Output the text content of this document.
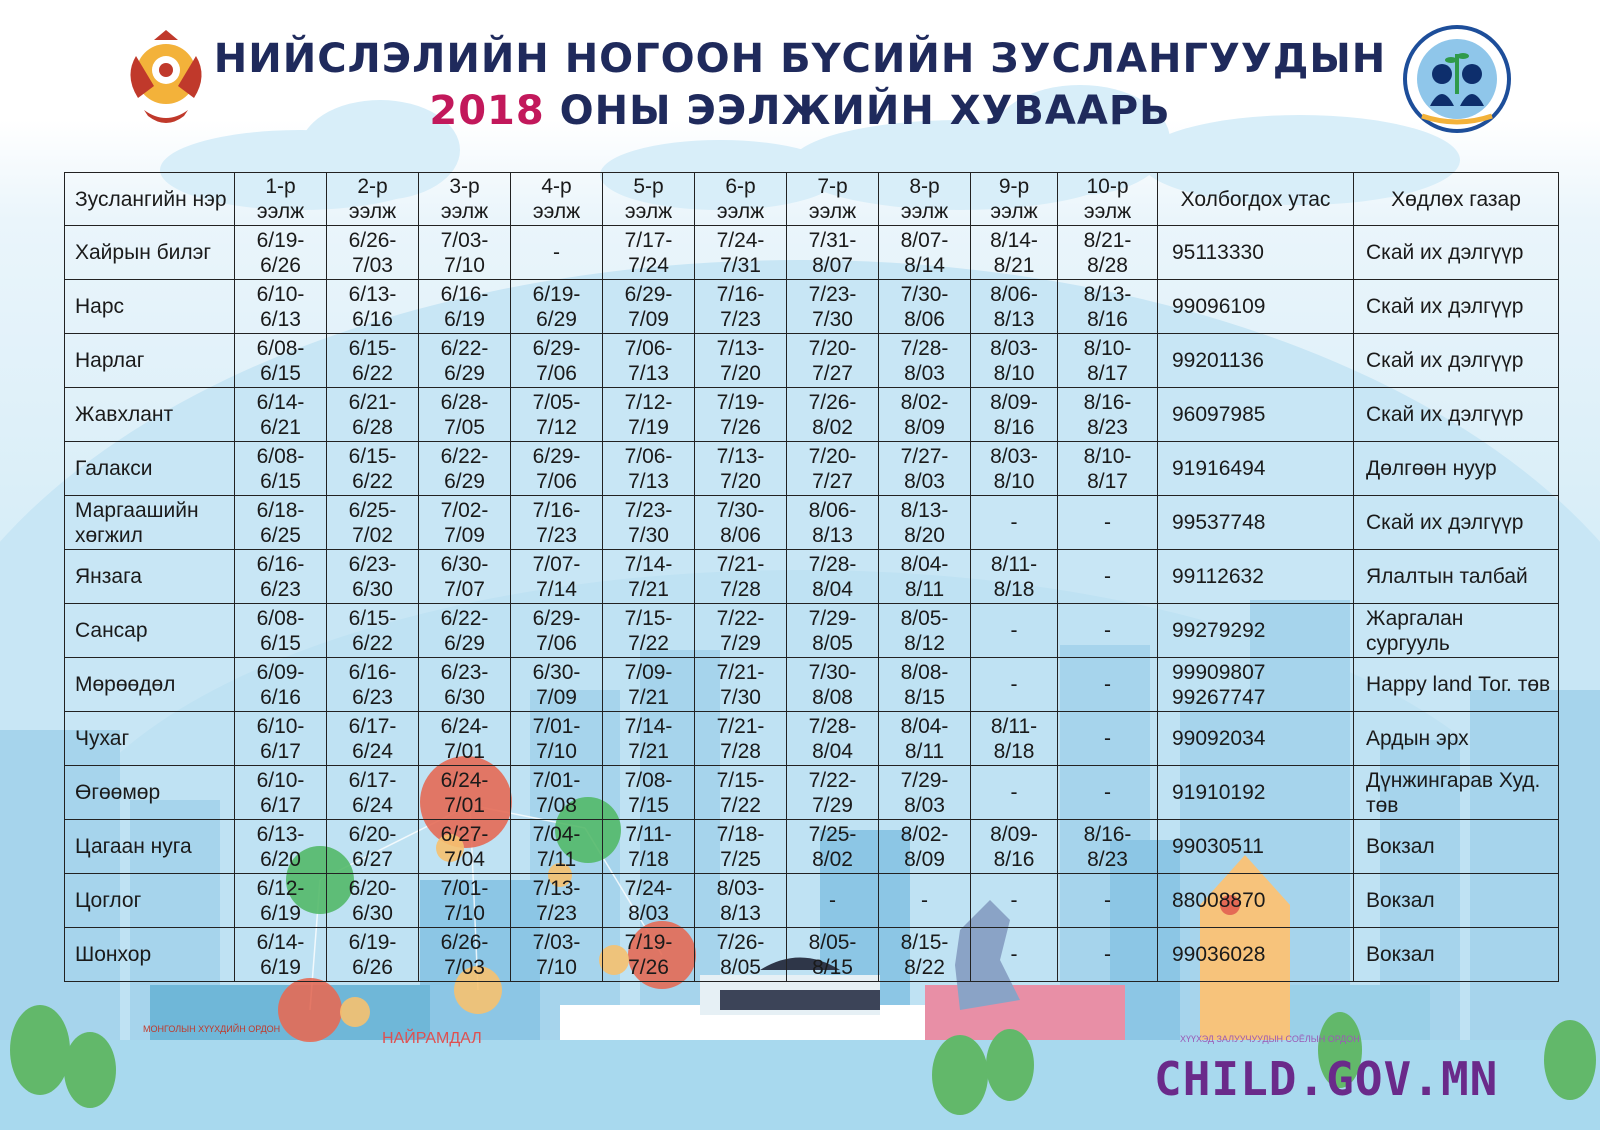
НИЙСЛЭЛИЙН НОГООН БҮСИЙН ЗУСЛАНГУУДЫН
2018 ОНЫ ЭЭЛЖИЙН ХУВААРЬ
Зуслангийн нэр	1-р ээлж	2-р ээлж	3-р ээлж	4-р ээлж	5-р ээлж	6-р ээлж	7-р ээлж	8-р ээлж	9-р ээлж	10-р ээлж	Холбогдох утас	Хөдлөх газар
Хайрын билэг	6/19-6/26	6/26-7/03	7/03-7/10	-	7/17-7/24	7/24-7/31	7/31-8/07	8/07-8/14	8/14-8/21	8/21-8/28	95113330	Скай их дэлгүүр
Нарс	6/10-6/13	6/13-6/16	6/16-6/19	6/19-6/29	6/29-7/09	7/16-7/23	7/23-7/30	7/30-8/06	8/06-8/13	8/13-8/16	99096109	Скай их дэлгүүр
Нарлаг	6/08-6/15	6/15-6/22	6/22-6/29	6/29-7/06	7/06-7/13	7/13-7/20	7/20-7/27	7/28-8/03	8/03-8/10	8/10-8/17	99201136	Скай их дэлгүүр
Жавхлант	6/14-6/21	6/21-6/28	6/28-7/05	7/05-7/12	7/12-7/19	7/19-7/26	7/26-8/02	8/02-8/09	8/09-8/16	8/16-8/23	96097985	Скай их дэлгүүр
Галакси	6/08-6/15	6/15-6/22	6/22-6/29	6/29-7/06	7/06-7/13	7/13-7/20	7/20-7/27	7/27-8/03	8/03-8/10	8/10-8/17	91916494	Дөлгөөн нуур
Маргаашийн хөгжил	6/18-6/25	6/25-7/02	7/02-7/09	7/16-7/23	7/23-7/30	7/30-8/06	8/06-8/13	8/13-8/20	-	-	99537748	Скай их дэлгүүр
Янзага	6/16-6/23	6/23-6/30	6/30-7/07	7/07-7/14	7/14-7/21	7/21-7/28	7/28-8/04	8/04-8/11	8/11-8/18	-	99112632	Ялалтын талбай
Сансар	6/08-6/15	6/15-6/22	6/22-6/29	6/29-7/06	7/15-7/22	7/22-7/29	7/29-8/05	8/05-8/12	-	-	99279292	Жаргалан сургууль
Мөрөөдөл	6/09-6/16	6/16-6/23	6/23-6/30	6/30-7/09	7/09-7/21	7/21-7/30	7/30-8/08	8/08-8/15	-	-	99909807 99267747	Happy land Тог. төв
Чухаг	6/10-6/17	6/17-6/24	6/24-7/01	7/01-7/10	7/14-7/21	7/21-7/28	7/28-8/04	8/04-8/11	8/11-8/18	-	99092034	Ардын эрх
Өгөөмөр	6/10-6/17	6/17-6/24	6/24-7/01	7/01-7/08	7/08-7/15	7/15-7/22	7/22-7/29	7/29-8/03	-	-	91910192	Дүнжингарав Худ. төв
Цагаан нуга	6/13-6/20	6/20-6/27	6/27-7/04	7/04-7/11	7/11-7/18	7/18-7/25	7/25-8/02	8/02-8/09	8/09-8/16	8/16-8/23	99030511	Вокзал
Цоглог	6/12-6/19	6/20-6/30	7/01-7/10	7/13-7/23	7/24-8/03	8/03-8/13	-	-	-	-	88008870	Вокзал
Шонхор	6/14-6/19	6/19-6/26	6/26-7/03	7/03-7/10	7/19-7/26	7/26-8/05	8/05-8/15	8/15-8/22	-	-	99036028	Вокзал
МОНГОЛЫН ХҮҮХДИЙН ОРДОН
НАЙРАМДАЛ	ХҮҮХЭД ЗАЛУУЧУУДЫН СОЁЛЫН ОРДОН
CHILD.GOV.MN
